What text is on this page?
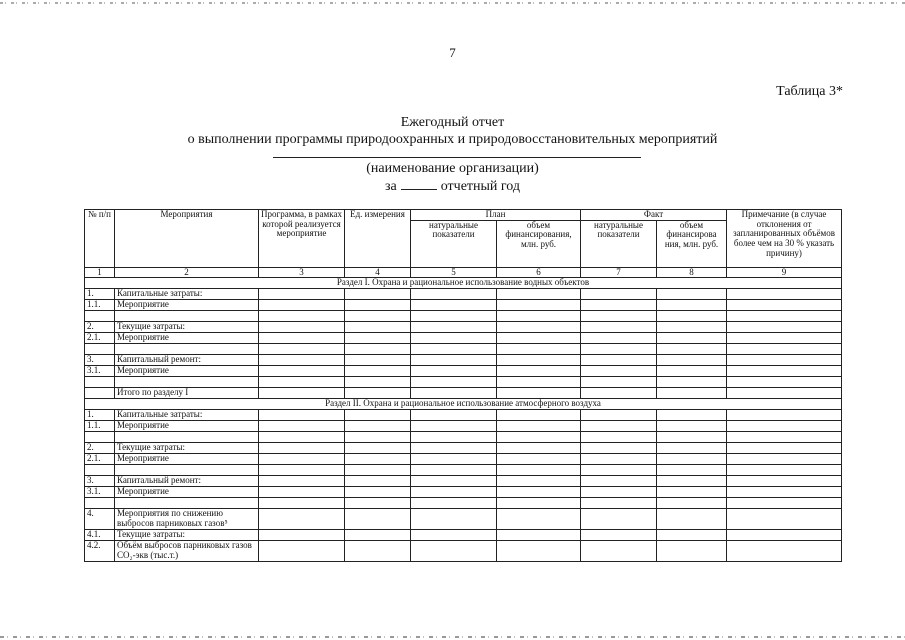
7
Таблица 3*
Ежегодный отчет
о выполнении программы природоохранных и природовосстановительных мероприятий
(наименование организации)
за	отчетный год
№ п/п	Мероприятия	Программа, в рамках которой реализуется мероприятие	Ед. измерения	План		Факт		Примечание (в случае отклонения от запланированных объёмов более чем на 30 % указать причину)
				натуральные показатели	объем финансирования, млн. руб.	натуральные показатели	объем финансирова ния, млн. руб.	
1	2	3	4	5	6	7	8	9
Раздел I. Охрана и рациональное использование водных объектов								
1.	Капитальные затраты:							
1.1.	Мероприятие							

2.	Текущие затраты:							
2.1.	Мероприятие							

3.	Капитальный ремонт:							
3.1.	Мероприятие							

	Итого по разделу I							
Раздел II. Охрана и рациональное использование атмосферного воздуха								
1.	Капитальные затраты:							
1.1.	Мероприятие							

2.	Текущие затраты:							
2.1.	Мероприятие							

3.	Капитальный ремонт:							
3.1.	Мероприятие							

4.	Мероприятия по снижению выбросов парниковых газов⁵							
4.1.	Текущие затраты:							
4.2.	Объём выбросов парниковых газов CO₂-экв (тыс.т.)							
